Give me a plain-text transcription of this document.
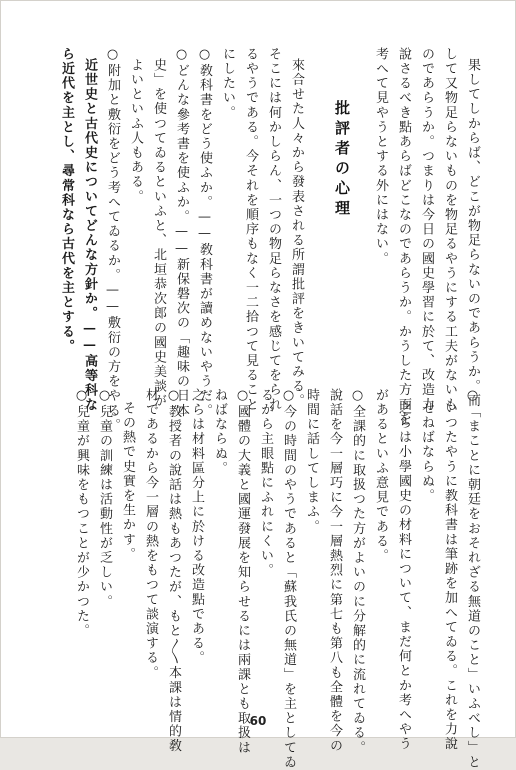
果してしからば、どこが物足らないのであらうか。而
して又物足らないものを物足るやうにする工夫がないも
のであらうか。つまりは今日の國史學習に於て、改造力
說さるべき點あらばどこなのであらうか。かうした方面を
考へて見やうとする外にはない。
批評者の心理
來合せた人々から發表される所謂批評をきいてみる。
そこには何かしらん、一つの物足らなさを感じてをられ
るやうである。今それを順序もなく一二拾つて見ること
にしたい。
○敎科書をどう使ふか。——敎科書が讀めないやうだ。
○どんな參考書を使ふか。——新保磐次の「趣味の日本
史」を使つてゐるといふと、北垣恭次郎の國史美談が
よいといふ人もある。
○附加と敷衍をどう考へてゐるか。——敷衍の方をやる。
近世史と古代史についてどんな方針か。——高等科な
ら近代を主とし、尋常科なら古代を主とする。
○「まことに朝廷をおそれざる無道のこと」いふべし」と
いつたやうに教科書は筆跡を加へてゐる。これを力說
せねばならぬ。
之らは小學國史の材料について、まだ何とか考へやう
があるといふ意見である。
○全課的に取扱つた方がよいのに分解的に流れてゐる。
說話を今一層巧に今一層熱烈に第七も第八も全體を今の
時間に話してしまふ。
○今の時間のやうであると「蘇我氏の無道」を主としてゐ
るから主眼點にふれにくい。
○國體の大義と國運發展を知らせるには兩課とも取扱は
ねばならぬ。
之らは材料區分上に於ける改造點である。
○教授者の說話は熱もあつたが、もと〳〵本課は情的敎
材であるから今一層の熱をもつて談演する。
その熱で史實を生かす。
○兒童の訓練は活動性が乏しい。
○兒童が興味をもつことが少かつた。
60
